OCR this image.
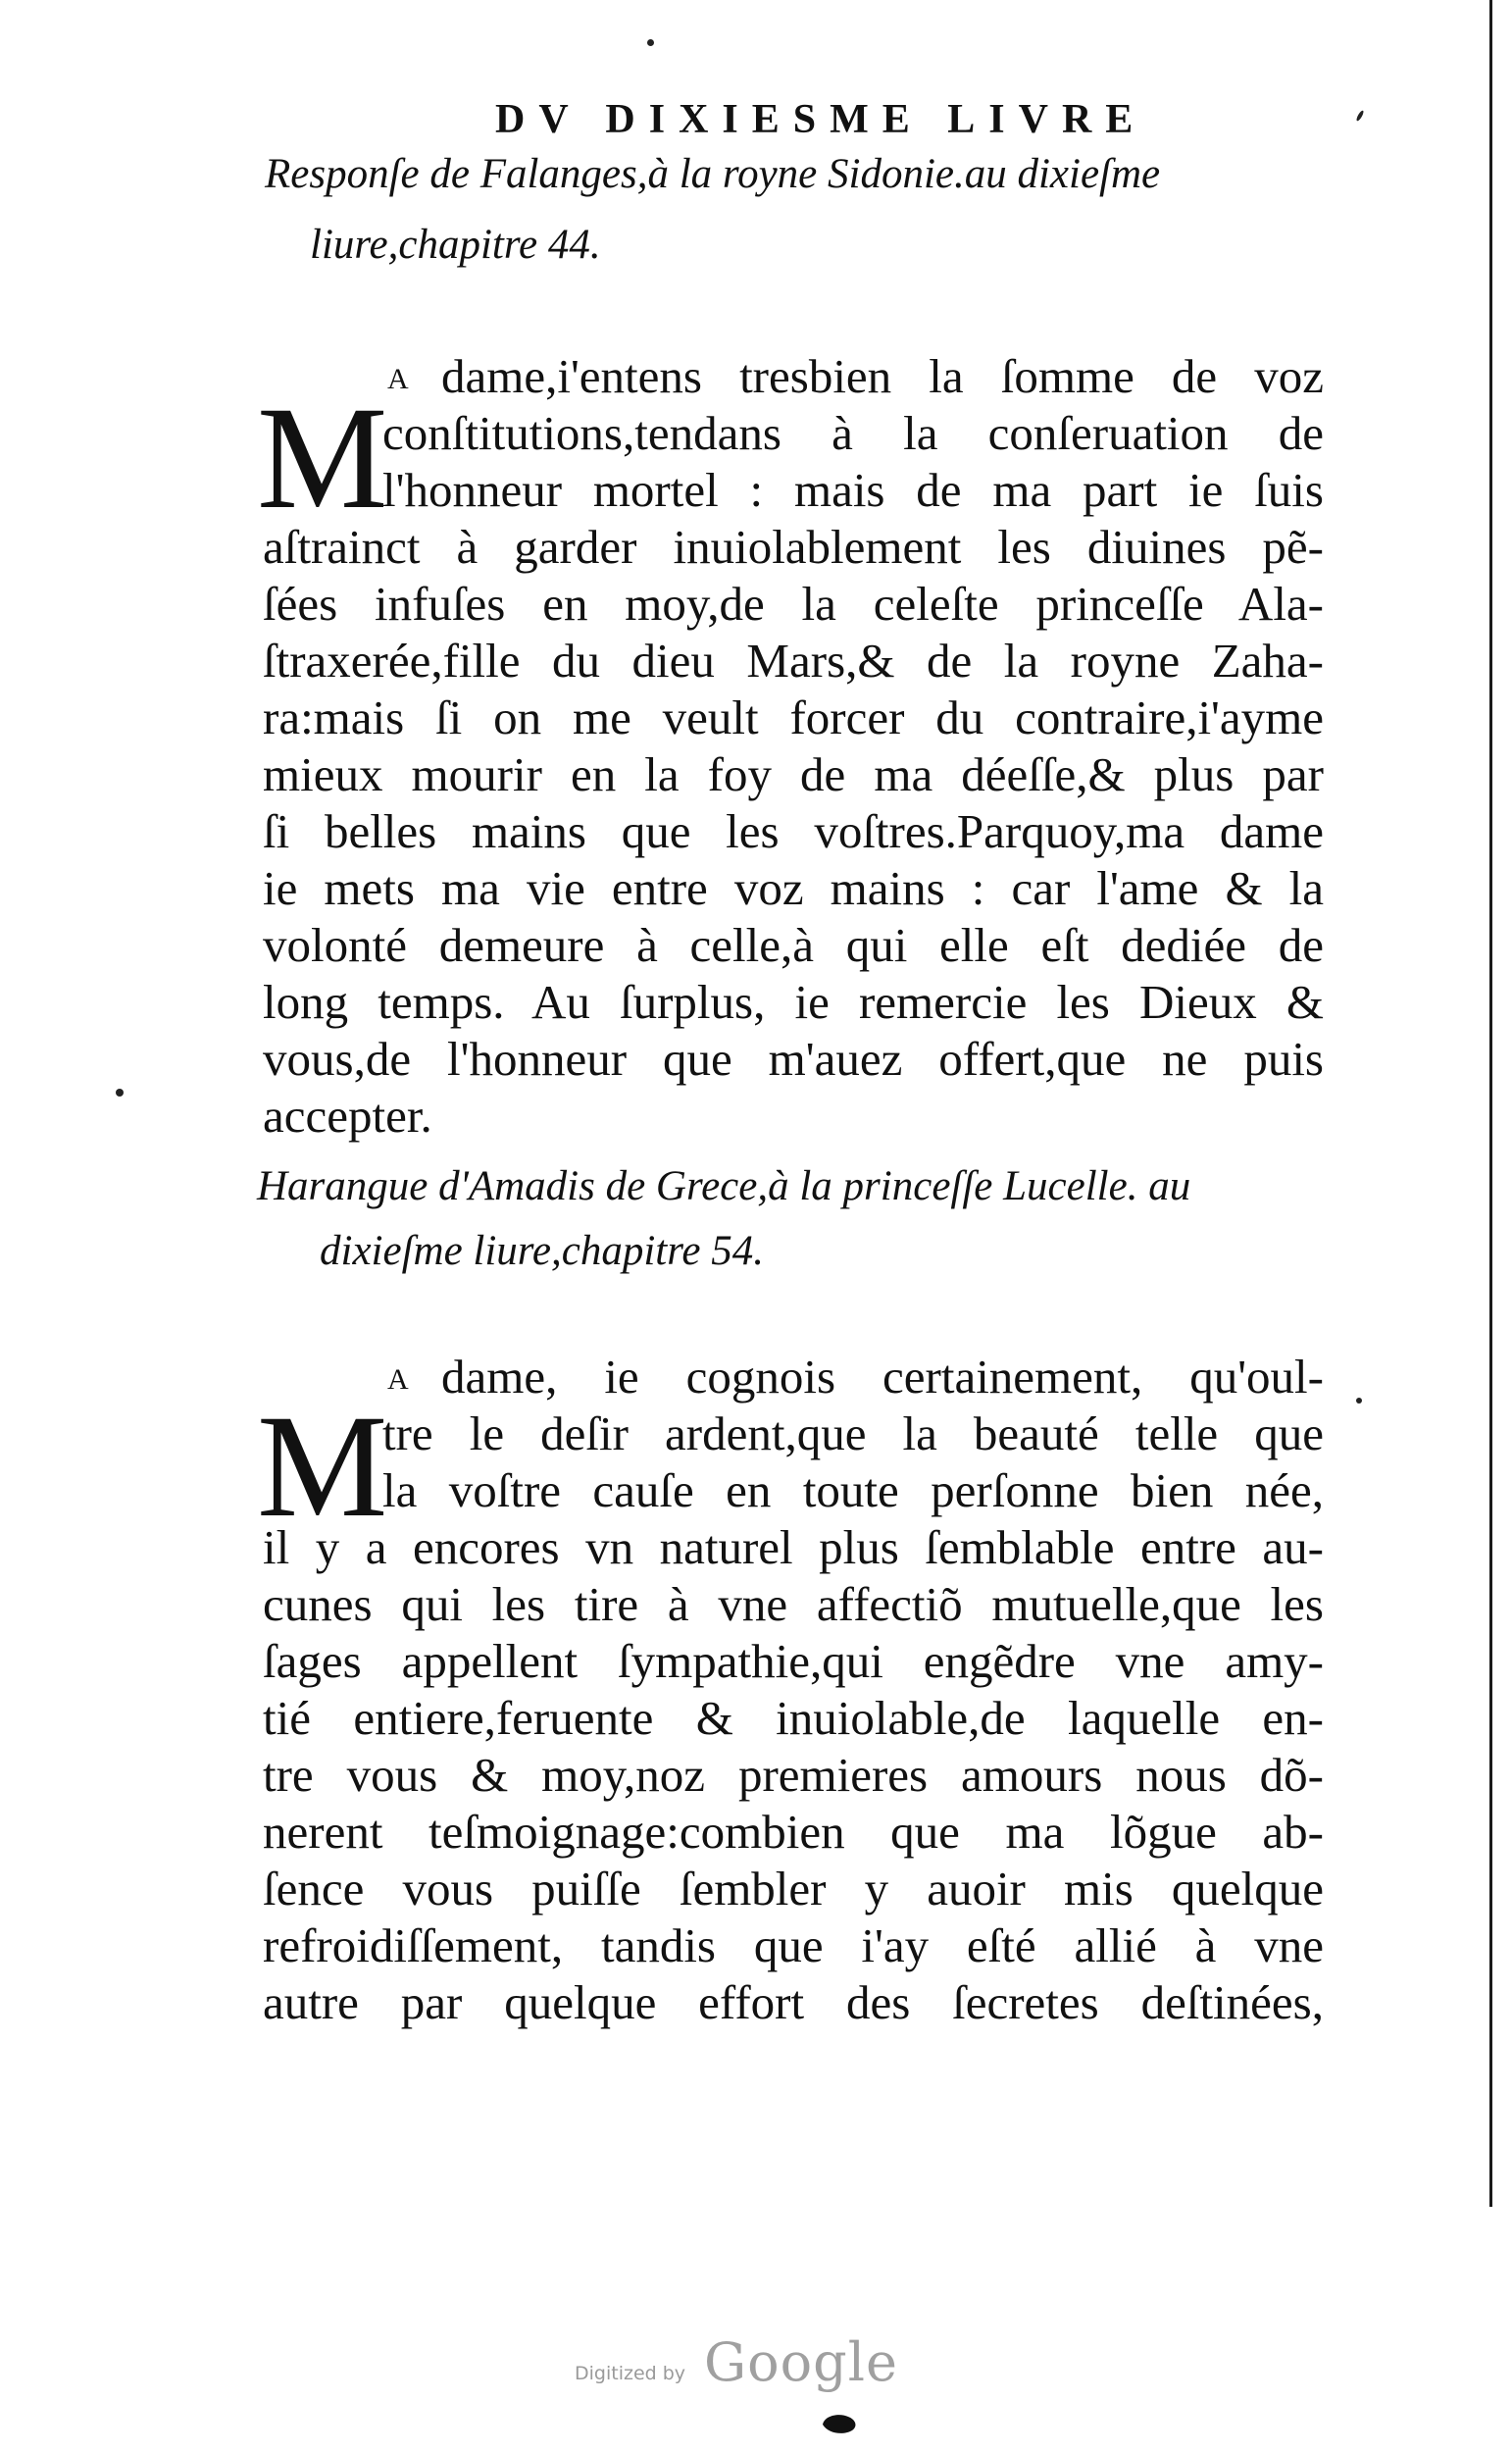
DV DIXIESME LIVRE
Responſe de Falanges,à la royne Sidonie.au dixieſme
liure,chapitre 44.
M A dame,i'entens tresbien la ſomme de voz
conſtitutions,tendans à la conſeruation de
l'honneur mortel : mais de ma part ie ſuis
aſtrainct à garder inuiolablement les diuines pẽ-
ſées infuſes en moy,de la celeſte princeſſe Ala-
ſtraxerée,fille du dieu Mars,& de la royne Zaha-
ra:mais ſi on me veult forcer du contraire,i'ayme
mieux mourir en la foy de ma déeſſe,& plus par
ſi belles mains que les voſtres.Parquoy,ma dame
ie mets ma vie entre voz mains : car l'ame & la
volonté demeure à celle,à qui elle eſt dediée de
long temps. Au ſurplus, ie remercie les Dieux &
vous,de l'honneur que m'auez offert,que ne puis
accepter.
Harangue d'Amadis de Grece,à la princeſſe Lucelle. au
dixieſme liure,chapitre 54.
M
A dame, ie cognois certainement, qu'oul-
tre le deſir ardent,que la beauté telle que
la voſtre cauſe en toute perſonne bien née,
il y a encores vn naturel plus ſemblable entre au-
cunes qui les tire à vne affectiõ mutuelle,que les
ſages appellent ſympathie,qui engẽdre vne amy-
tié entiere,feruente & inuiolable,de laquelle en-
tre vous & moy,noz premieres amours nous dõ-
nerent teſmoignage:combien que ma lõgue ab-
ſence vous puiſſe ſembler y auoir mis quelque
refroidiſſement, tandis que i'ay eſté allié à vne
autre par quelque effort des ſecretes deſtinées,
Digitized by Google
